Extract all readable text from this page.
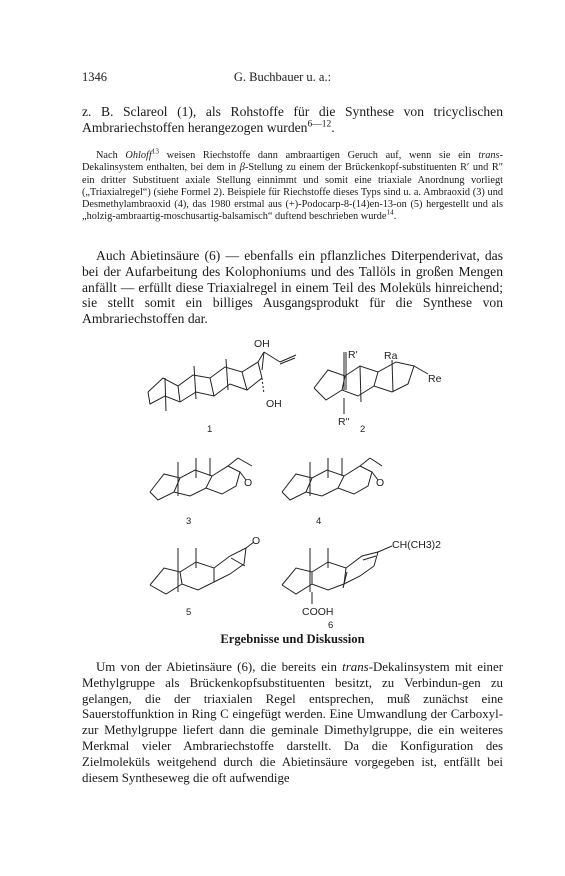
1346	G. Buchbauer u. a.:

z. B. Sclareol (1), als Rohstoffe für die Synthese von tricyclischen Ambrariechstoffen herangezogen wurden$^{6—12}$.

Nach Ohloff$^{13}$ weisen Riechstoffe dann ambraartigen Geruch auf, wenn sie ein trans-Dekalinsystem enthalten, bei dem in β-Stellung zu einem der Brückenkopf-substituenten R′ und R″ ein dritter Substituent axiale Stellung einnimmt und somit eine triaxiale Anordnung vorliegt („Triaxialregel“) (siehe Formel 2). Beispiele für Riechstoffe dieses Typs sind u. a. Ambraoxid (3) und Desmethylambraoxid (4), das 1980 erstmal aus (+)-Podocarp-8-(14)en-13-on (5) hergestellt und als „holzig-ambraartig-moschusartig-balsamisch“ duftend beschrieben wurde$^{14}$.

Auch Abietinsäure (6) — ebenfalls ein pflanzliches Diterpenderivat, das bei der Aufarbeitung des Kolophoniums und des Tallöls in großen Mengen anfällt — erfüllt diese Triaxialregel in einem Teil des Moleküls hinreichend; sie stellt somit ein billiges Ausgangsprodukt für die Synthese von Ambrariechstoffen dar.

OH
OH
1
R'	Ra
Re
R''
2
O
3
O
4
O
5
CH(CH3)2
COOH
6
Ergebnisse und Diskussion

Um von der Abietinsäure (6), die bereits ein trans-Dekalinsystem mit einer Methylgruppe als Brückenkopfsubstituenten besitzt, zu Verbindun-gen zu gelangen, die der triaxialen Regel entsprechen, muß zunächst eine Sauerstoffunktion in Ring C eingefügt werden. Eine Umwandlung der Carboxyl- zur Methylgruppe liefert dann die geminale Dimethylgruppe, die ein weiteres Merkmal vieler Ambrariechstoffe darstellt. Da die Konfiguration des Zielmoleküls weitgehend durch die Abietinsäure vorgegeben ist, entfällt bei diesem Syntheseweg die oft aufwendige
